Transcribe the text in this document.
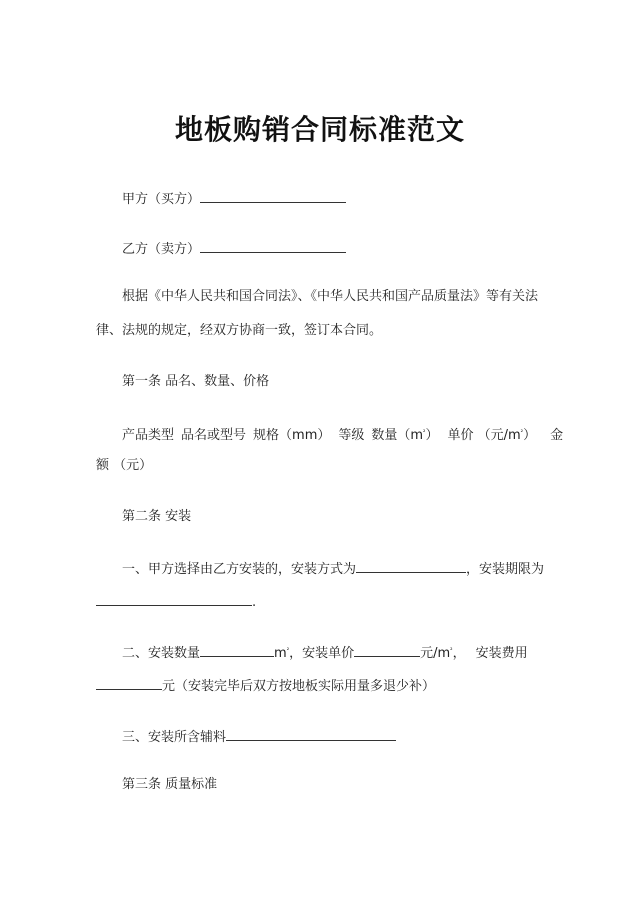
地板购销合同标准范文
甲方（买方）
乙方（卖方）
根据《中华人民共和国合同法》、《中华人民共和国产品质量法》等有关法
律、法规的规定，经双方协商一致，签订本合同。
第一条 品名、数量、价格
产品类型 品名或型号 规格（mm） 等级 数量$(m^{^2})$ 单价 （元$/m^{^2}$） 金
额 （元）
第二条 安装
一、甲方选择由乙方安装的，安装方式为	，安装期限为
.
二、安装数量	$m^{^2}$，安装单价	元$/m^{^2}$， 安装费用
元（安装完毕后双方按地板实际用量多退少补）
三、安装所含辅料
第三条 质量标准
